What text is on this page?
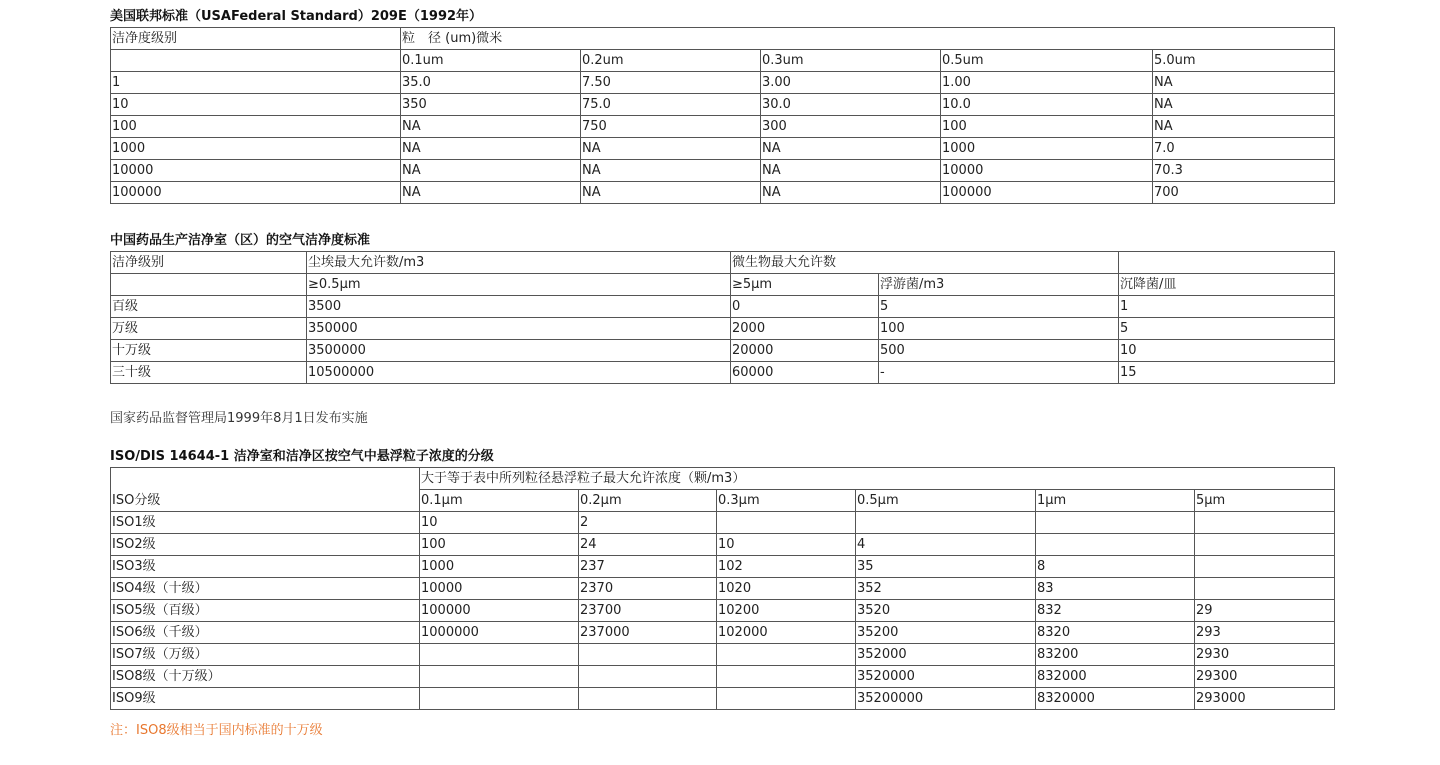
美国联邦标准（USAFederal Standard）209E（1992年）
洁净度级别	粒　径 (um)微米				
	0.1um	0.2um	0.3um	0.5um	5.0um
1	35.0	7.50	3.00	1.00	NA
10	350	75.0	30.0	10.0	NA
100	NA	750	300	100	NA
1000	NA	NA	NA	1000	7.0
10000	NA	NA	NA	10000	70.3
100000	NA	NA	NA	100000	700
中国药品生产洁净室（区）的空气洁净度标准
洁净级别	尘埃最大允许数/m3	微生物最大允许数		
	≥0.5μm	≥5μm	浮游菌/m3	沉降菌/皿
百级	3500	0	5	1
万级	350000	2000	100	5
十万级	3500000	20000	500	10
三十级	10500000	60000	-	15
国家药品监督管理局1999年8月1日发布实施
ISO/DIS 14644-1 洁净室和洁净区按空气中悬浮粒子浓度的分级
ISO分级	大于等于表中所列粒径悬浮粒子最大允许浓度（颗/m3）					
	0.1μm	0.2μm	0.3μm	0.5μm	1μm	5μm
ISO1级	10	2				
ISO2级	100	24	10	4		
ISO3级	1000	237	102	35	8	
ISO4级（十级）	10000	2370	1020	352	83	
ISO5级（百级）	100000	23700	10200	3520	832	29
ISO6级（千级）	1000000	237000	102000	35200	8320	293
ISO7级（万级）				352000	83200	2930
ISO8级（十万级）				3520000	832000	29300
ISO9级				35200000	8320000	293000
注：ISO8级相当于国内标准的十万级
